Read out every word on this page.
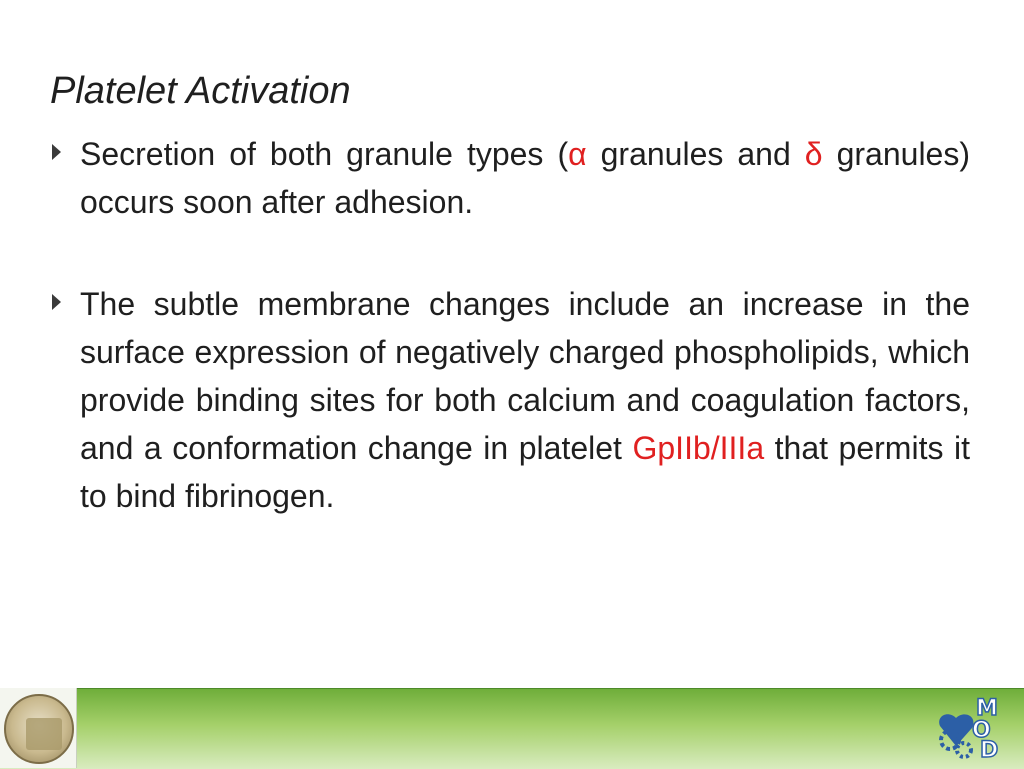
Platelet Activation
Secretion of both granule types (α granules and δ granules) occurs soon after adhesion.
The subtle membrane changes include an increase in the surface expression of negatively charged phospholipids, which provide binding sites for both calcium and coagulation factors, and a conformation change in platelet GpIIb/IIIa that permits it to bind fibrinogen.
M
O
D
